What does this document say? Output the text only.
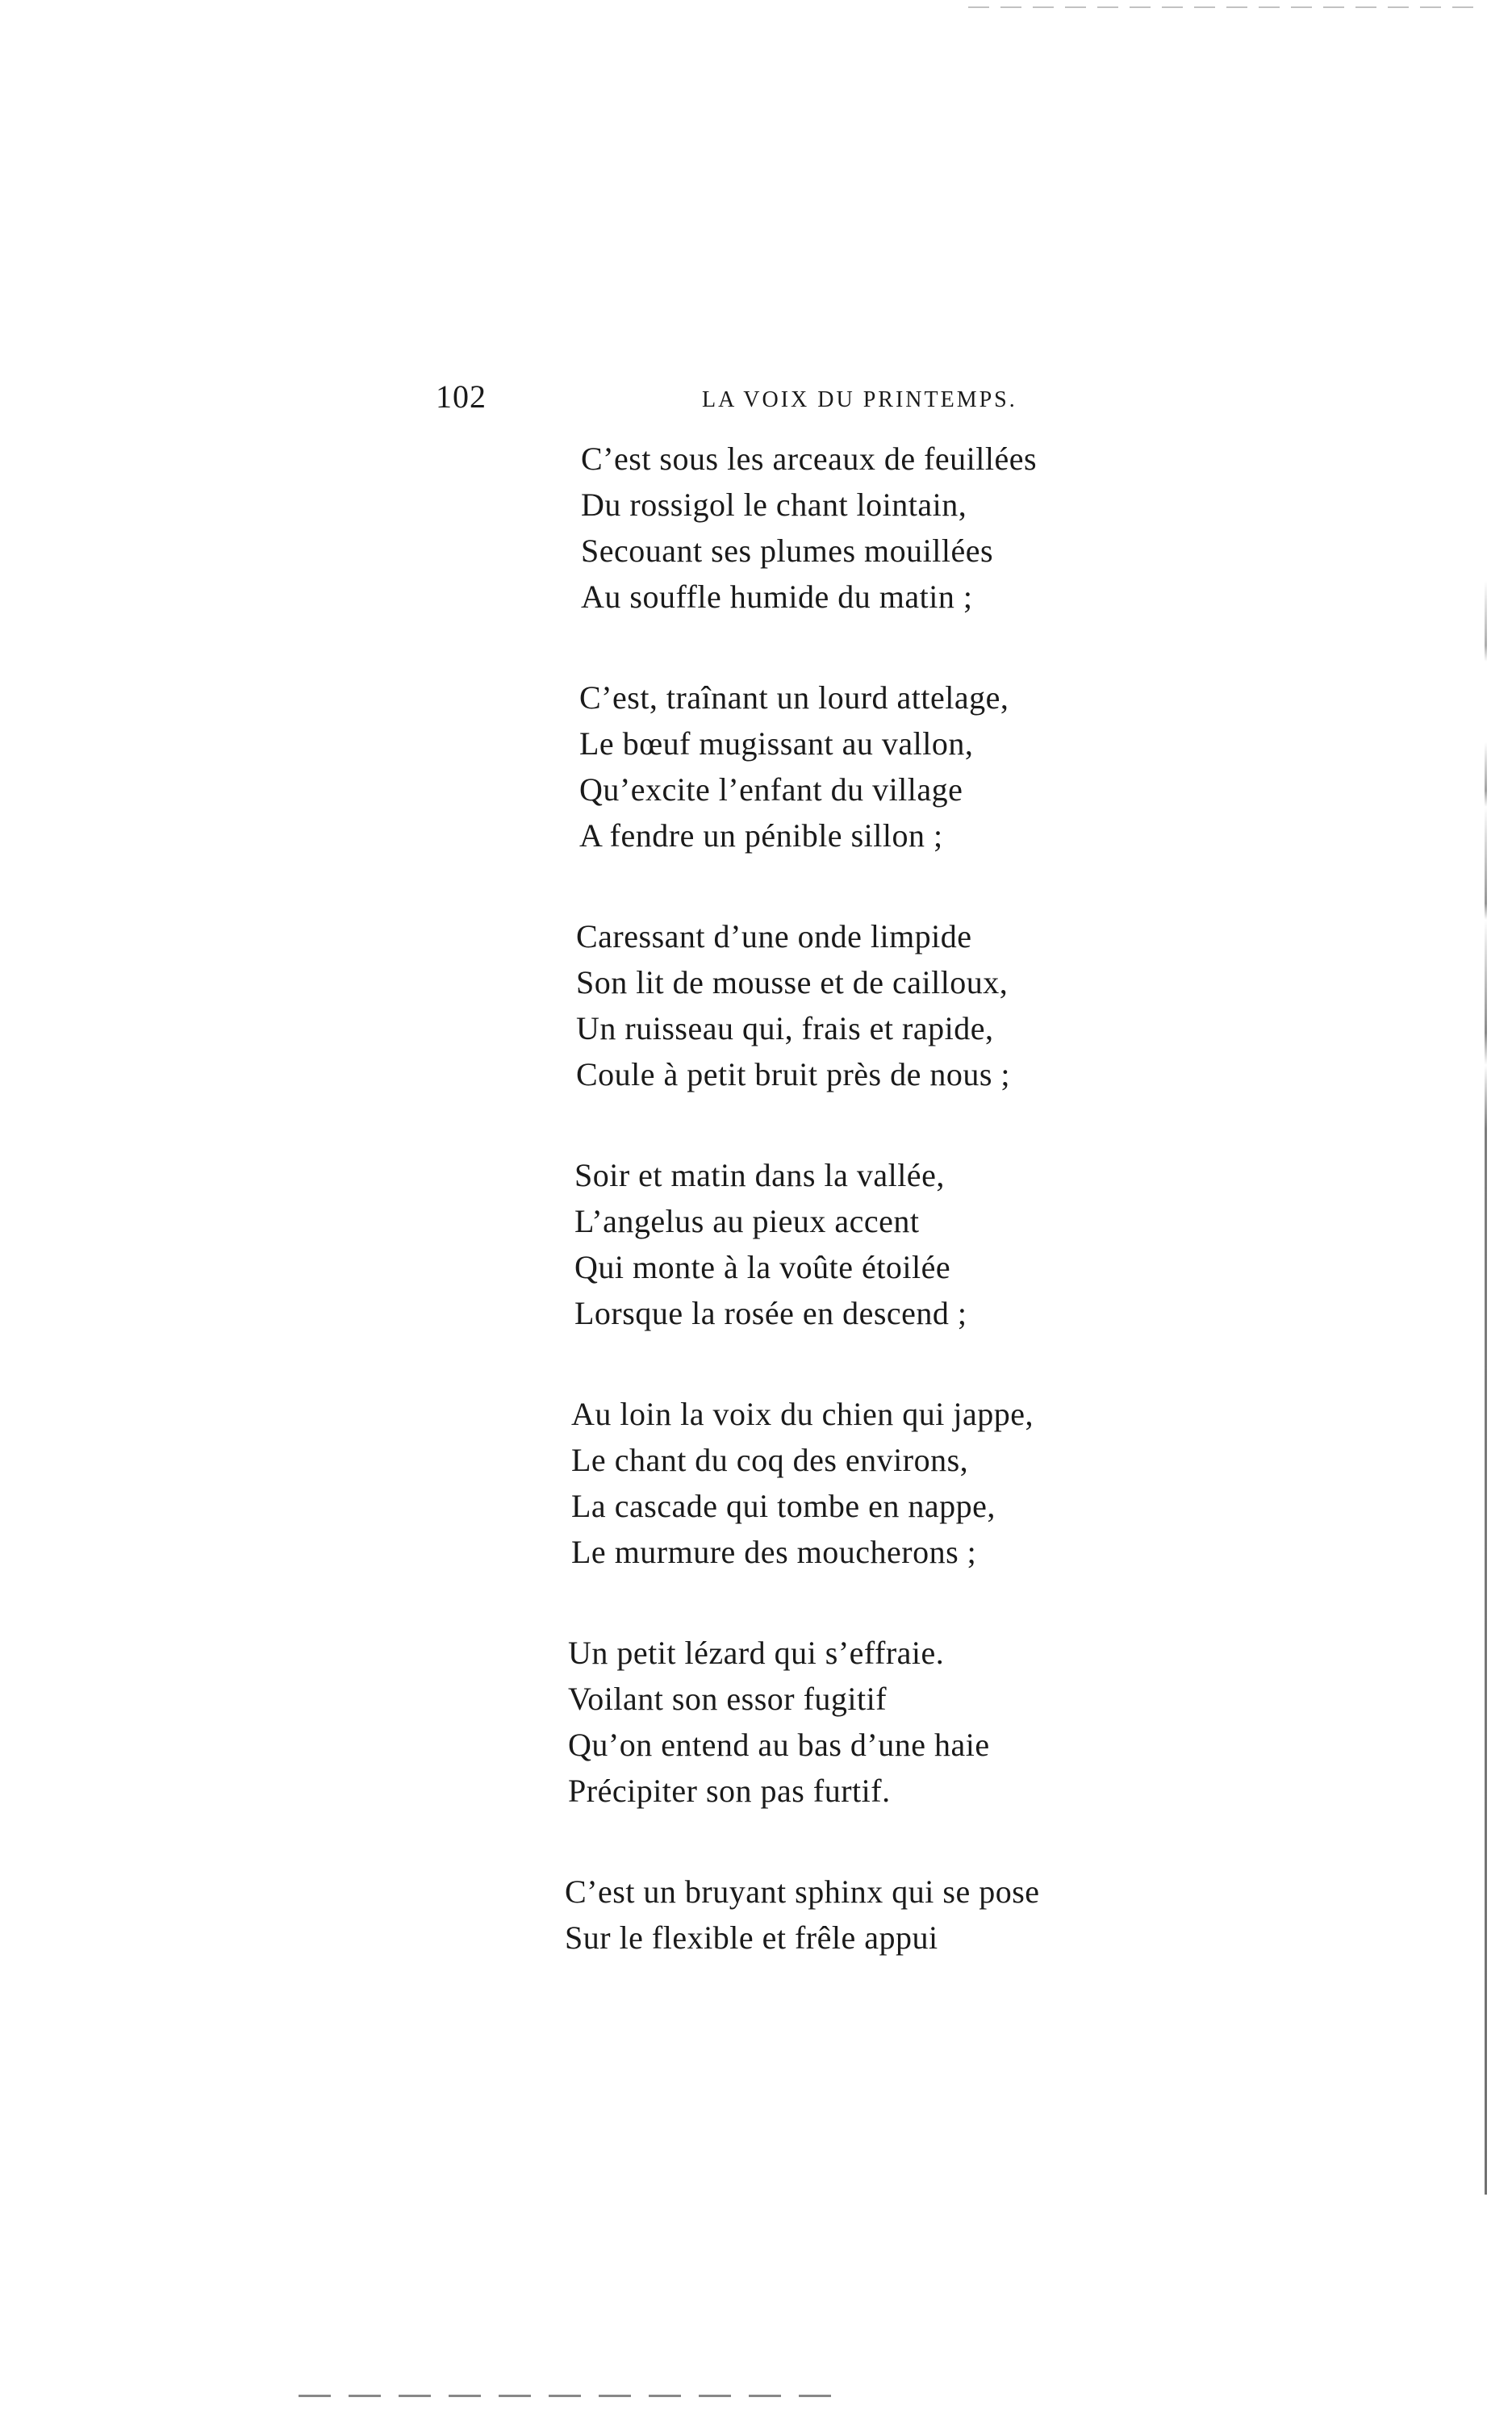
102	LA VOIX DU PRINTEMPS.
C’est sous les arceaux de feuillées
Du rossigol le chant lointain,
Secouant ses plumes mouillées
Au souffle humide du matin ;
C’est, traînant un lourd attelage,
Le bœuf mugissant au vallon,
Qu’excite l’enfant du village
A fendre un pénible sillon ;
Caressant d’une onde limpide
Son lit de mousse et de cailloux,
Un ruisseau qui, frais et rapide,
Coule à petit bruit près de nous ;
Soir et matin dans la vallée,
L’angelus au pieux accent
Qui monte à la voûte étoilée
Lorsque la rosée en descend ;
Au loin la voix du chien qui jappe,
Le chant du coq des environs,
La cascade qui tombe en nappe,
Le murmure des moucherons ;
Un petit lézard qui s’effraie.
Voilant son essor fugitif
Qu’on entend au bas d’une haie
Précipiter son pas furtif.
C’est un bruyant sphinx qui se pose
Sur le flexible et frêle appui
